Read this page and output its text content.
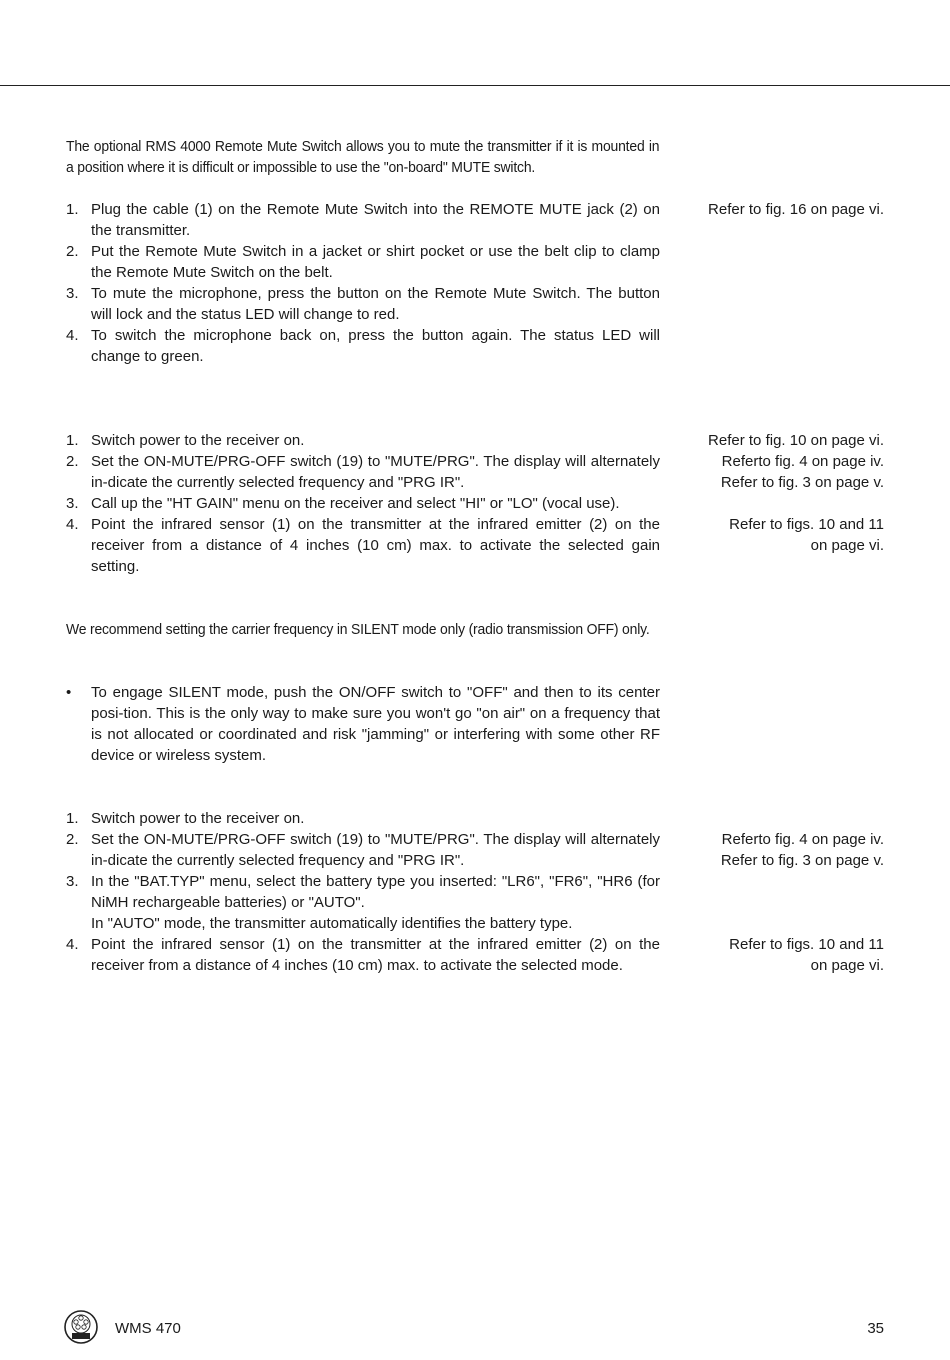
The optional RMS 4000 Remote Mute Switch allows you to mute the transmitter if it is mounted in a position where it is difficult or impossible to use the "on-board" MUTE switch.
1. Plug the cable (1) on the Remote Mute Switch into the REMOTE MUTE jack (2) on the transmitter.
2. Put the Remote Mute Switch in a jacket or shirt pocket or use the belt clip to clamp the Remote Mute Switch on the belt.
3. To mute the microphone, press the button on the Remote Mute Switch. The button will lock and the status LED will change to red.
4. To switch the microphone back on, press the button again. The status LED will change to green.
Refer to fig. 16 on page vi.
1. Switch power to the receiver on.
2. Set the ON-MUTE/PRG-OFF switch (19) to "MUTE/PRG". The display will alternately in-dicate the currently selected frequency and "PRG IR".
3. Call up the "HT GAIN" menu on the receiver and select "HI" or "LO" (vocal use).
4. Point the infrared sensor (1) on the transmitter at the infrared emitter (2) on the receiver from a distance of 4 inches (10 cm) max. to activate the selected gain setting.
Refer to fig. 10 on page vi.
Referto fig. 4 on page iv.
Refer to fig. 3 on page v.
Refer to figs. 10 and 11
on page vi.
We recommend setting the carrier frequency in SILENT mode only (radio transmission OFF) only.
• To engage SILENT mode, push the ON/OFF switch to "OFF" and then to its center posi-tion. This is the only way to make sure you won't go "on air" on a frequency that is not allocated or coordinated and risk "jamming" or interfering with some other RF device or wireless system.
1. Switch power to the receiver on.
2. Set the ON-MUTE/PRG-OFF switch (19) to "MUTE/PRG". The display will alternately in-dicate the currently selected frequency and "PRG IR".
3. In the "BAT.TYP" menu, select the battery type you inserted: "LR6", "FR6", "HR6 (for NiMH rechargeable batteries) or "AUTO".
In "AUTO" mode, the transmitter automatically identifies the battery type.
4. Point the infrared sensor (1) on the transmitter at the infrared emitter (2) on the receiver from a distance of 4 inches (10 cm) max. to activate the selected mode.
Referto fig. 4 on page iv.
Refer to fig. 3 on page v.
Refer to figs. 10 and 11
on page vi.
WMS 470	35
